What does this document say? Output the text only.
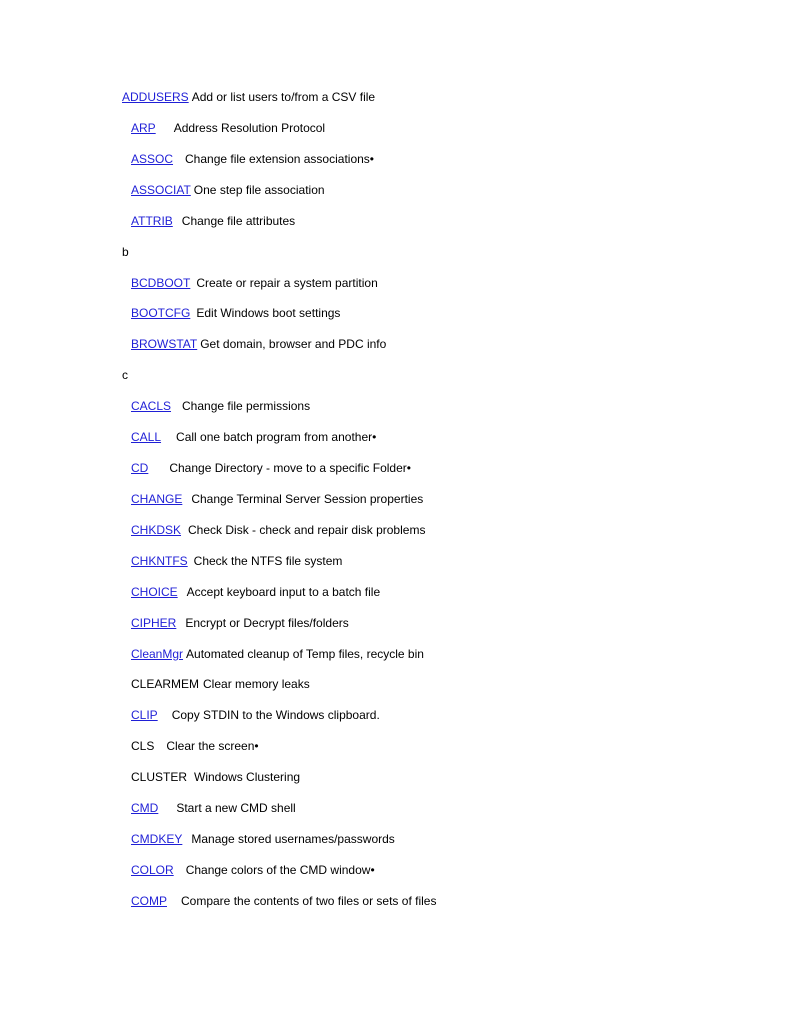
ADDUSERS Add or list users to/from a CSV file
ARP Address Resolution Protocol
ASSOC Change file extension associations•
ASSOCIAT One step file association
ATTRIB Change file attributes
b
BCDBOOT Create or repair a system partition
BOOTCFG Edit Windows boot settings
BROWSTAT Get domain, browser and PDC info
c
CACLS Change file permissions
CALL Call one batch program from another•
CD Change Directory - move to a specific Folder•
CHANGE Change Terminal Server Session properties
CHKDSK Check Disk - check and repair disk problems
CHKNTFS Check the NTFS file system
CHOICE Accept keyboard input to a batch file
CIPHER Encrypt or Decrypt files/folders
CleanMgr Automated cleanup of Temp files, recycle bin
CLEARMEM Clear memory leaks
CLIP Copy STDIN to the Windows clipboard.
CLS Clear the screen•
CLUSTER Windows Clustering
CMD Start a new CMD shell
CMDKEY Manage stored usernames/passwords
COLOR Change colors of the CMD window•
COMP Compare the contents of two files or sets of files
